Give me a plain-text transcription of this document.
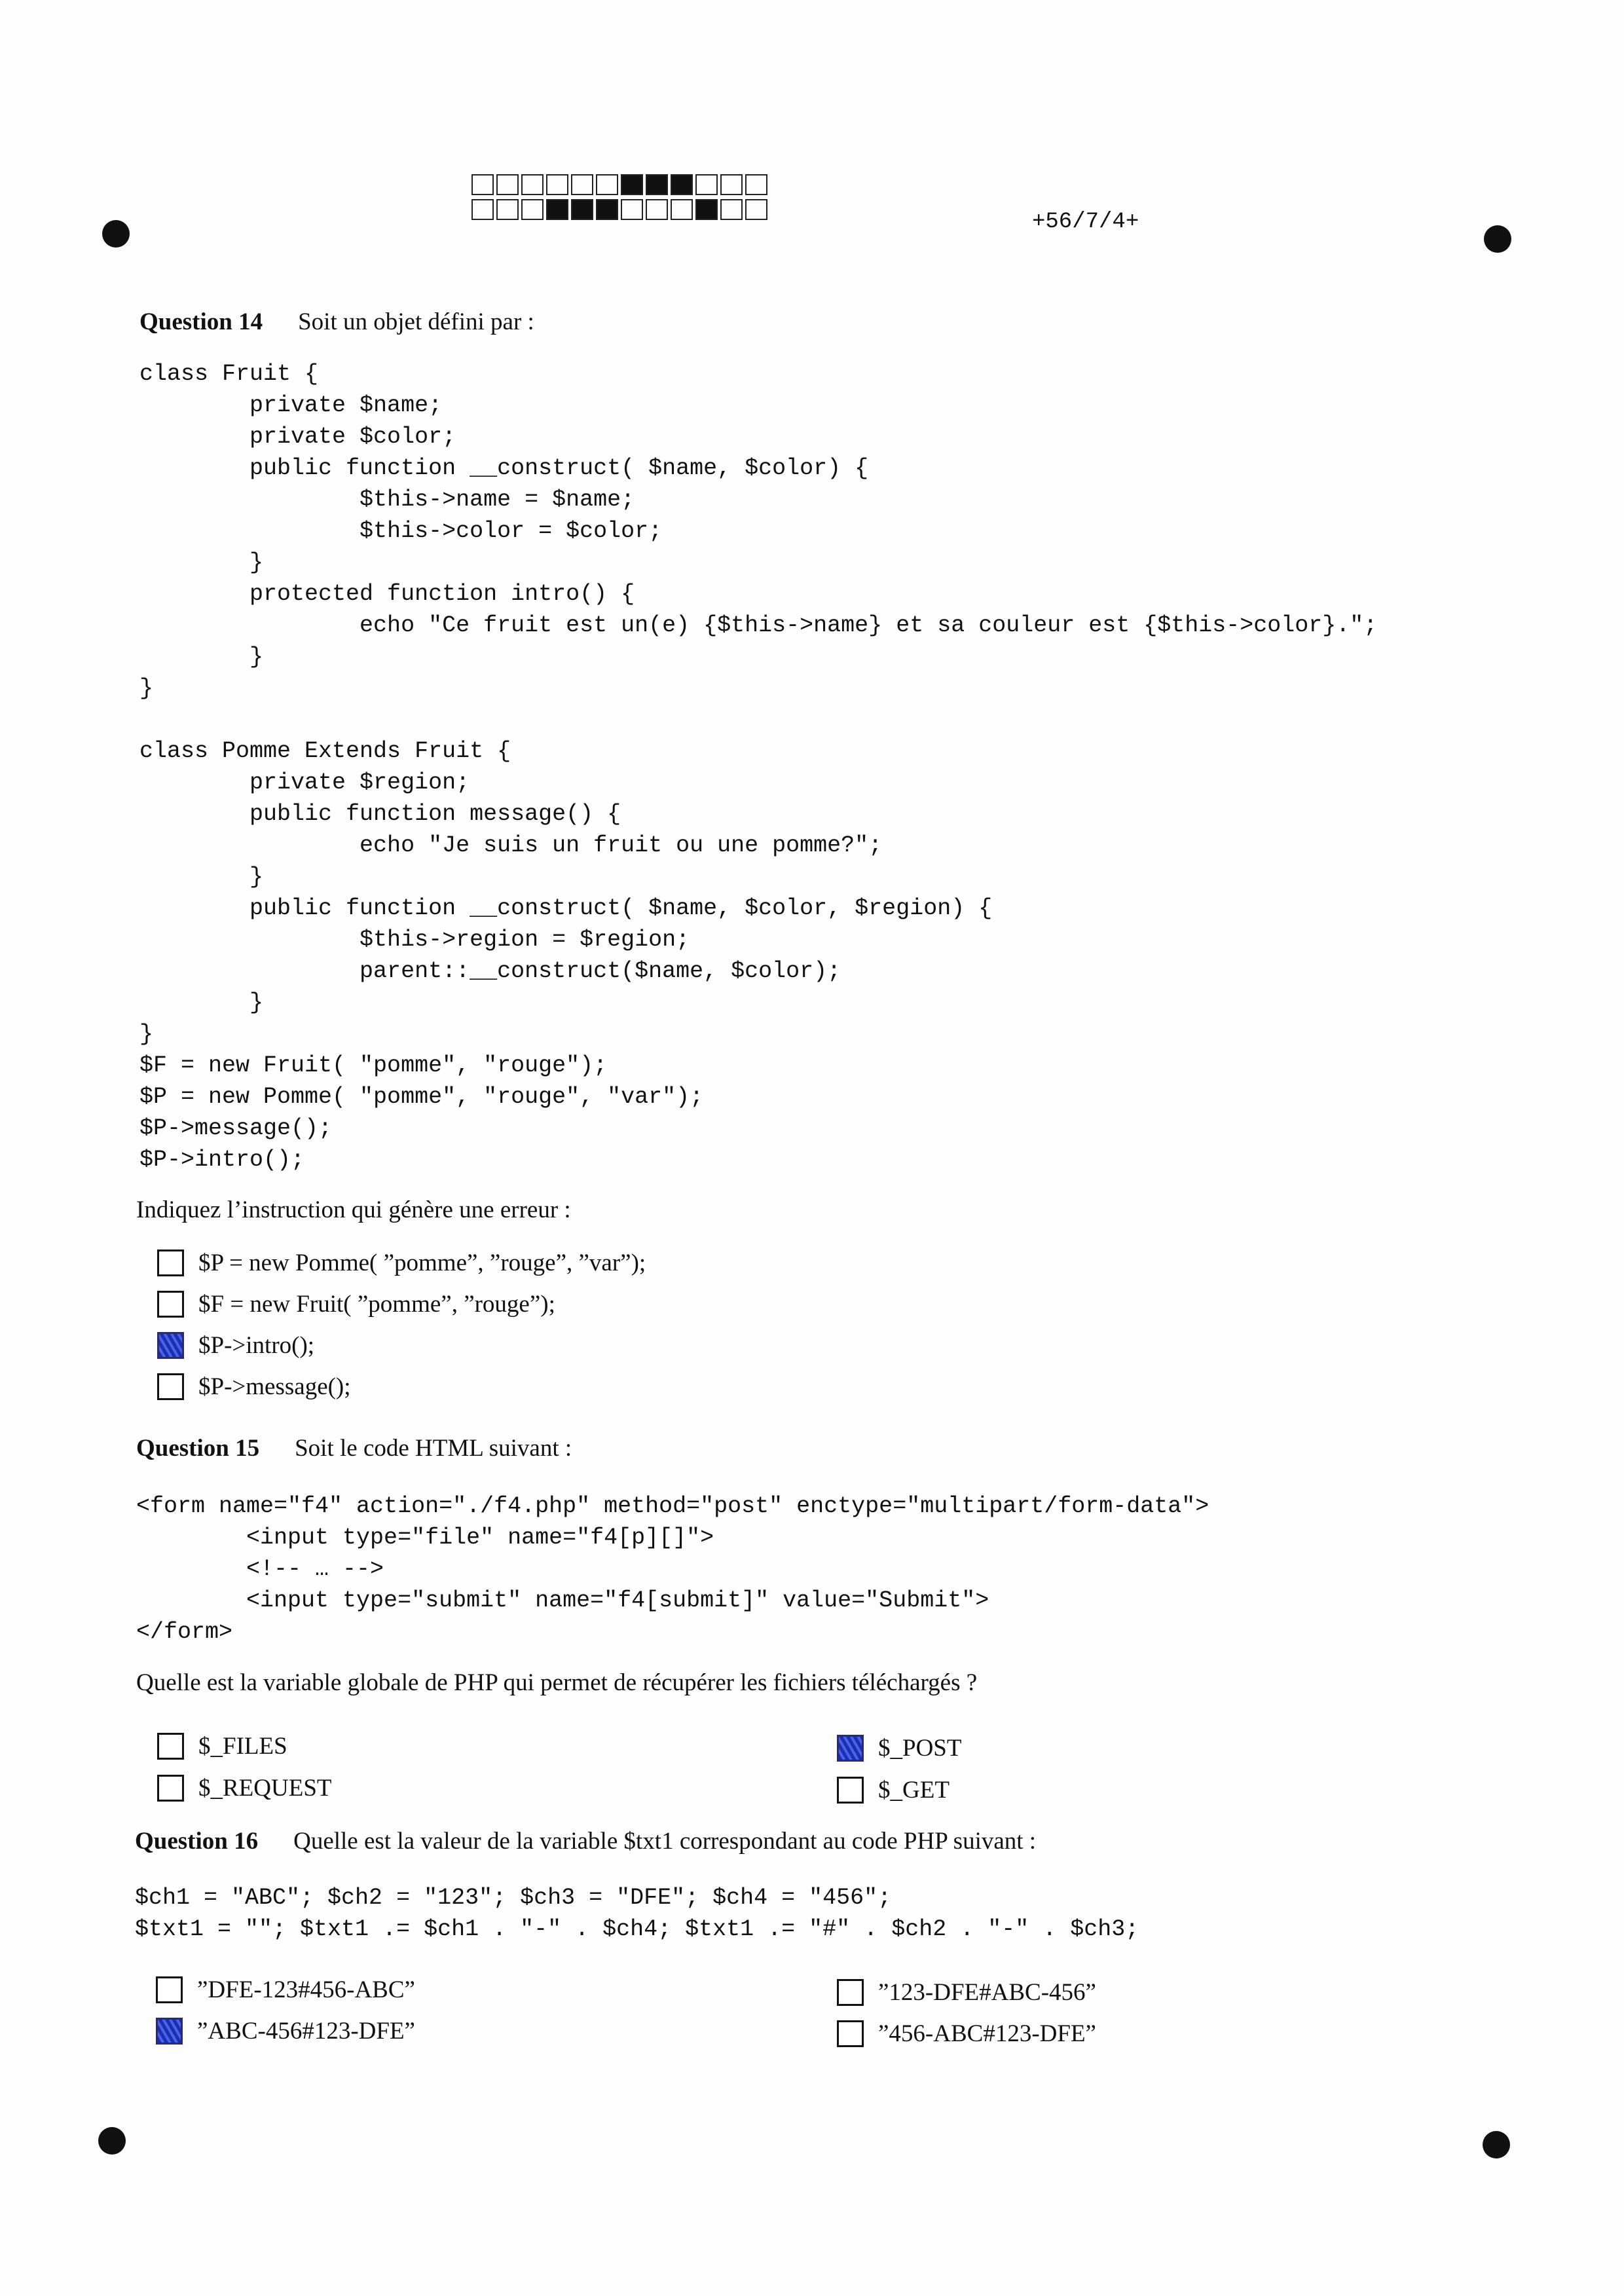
+56/7/4+
Question 14 Soit un objet défini par :
class Fruit {
private $name;
private $color;
public function __construct( $name, $color) {
$this->name = $name;
$this->color = $color;
}
protected function intro() {
echo "Ce fruit est un(e) {$this->name} et sa couleur est {$this->color}.";
}
}

class Pomme Extends Fruit {
private $region;
public function message() {
echo "Je suis un fruit ou une pomme?";
}
public function __construct( $name, $color, $region) {
$this->region = $region;
parent::__construct($name, $color);
}
}
$F = new Fruit( "pomme", "rouge");
$P = new Pomme( "pomme", "rouge", "var");
$P->message();
$P->intro();
Indiquez l’instruction qui génère une erreur :
$P = new Pomme( ”pomme”, ”rouge”, ”var”);
$F = new Fruit( ”pomme”, ”rouge”);
$P->intro();
$P->message();
Question 15 Soit le code HTML suivant :
<form name="f4" action="./f4.php" method="post" enctype="multipart/form-data">
<input type="file" name="f4[p][]">
<!-- … -->
<input type="submit" name="f4[submit]" value="Submit">
</form>
Quelle est la variable globale de PHP qui permet de récupérer les fichiers téléchargés ?
$_FILES	$_POST
$_REQUEST	$_GET
Question 16 Quelle est la valeur de la variable $txt1 correspondant au code PHP suivant :
$ch1 = "ABC"; $ch2 = "123"; $ch3 = "DFE"; $ch4 = "456";
$txt1 = ""; $txt1 .= $ch1 . "-" . $ch4; $txt1 .= "#" . $ch2 . "-" . $ch3;
”DFE-123#456-ABC”	”123-DFE#ABC-456”
”ABC-456#123-DFE”	”456-ABC#123-DFE”
